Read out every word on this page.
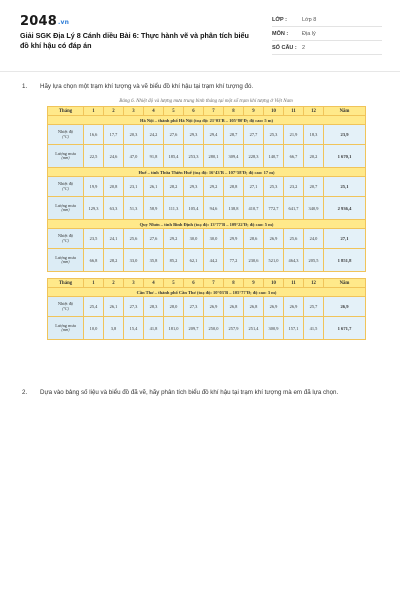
2048.vn
Giải SGK Địa Lý 8 Cánh diều Bài 6: Thực hành vẽ và phân tích biểu đồ khí hậu có đáp án
LỚP :	Lớp 8
MÔN :	Địa lý
SỐ CÂU : 2
1. Hãy lựa chọn một trạm khí tượng và vẽ biểu đồ khí hậu tại trạm khí tượng đó.
Bảng 6. Nhiệt độ và lượng mưa trung bình tháng tại một số trạm khí tượng ở Việt Nam
Tháng	1	2	3	4	5	6	7	8	9	10	11	12	Năm
Hà Nội – thành phố Hà Nội (toạ độ: 21°03'B – 105°80'Đ; độ cao: 5 m)													

Nhiệt độ
(°C)	16,6	17,7	20,3	24,2	27,6	29,3	29,4	28,7	27,7	25,3	21,9	18,3	23,9

Lượng mưa
(mm)	22,5	24,6	47,0	91,8	185,4	253,3	280,1	309,4	228,3	140,7	66,7	20,2	1 670,1
Huế – tỉnh Thừa Thiên Huế (toạ độ: 16°43'B – 107°58'Đ; độ cao: 17 m)													

Nhiệt độ
(°C)	19,9	20,8	23,1	26,1	28,2	29,3	29,2	28,8	27,1	25,3	23,2	20,7	25,1

Lượng mưa
(mm)	129,3	63,3	51,3	58,9	111,3	105,4	94,6	138,8	410,7	772,7	641,7	340,9	2 936,4
Quy Nhơn – tỉnh Bình Định (toạ độ: 13°77'B – 109°22'Đ; độ cao: 5 m)													

Nhiệt độ
(°C)	23,5	24,1	25,6	27,6	29,2	30,0	30,0	29,9	28,6	26,9	25,6	24,0	27,1

Lượng mưa
(mm)	66,8	28,2	33,0	35,8	85,2	62,1	44,2	77,2	230,6	521,0	464,3	205,5	1 851,8

Tháng	1	2	3	4	5	6	7	8	9	10	11	12	Năm
Cần Thơ – thành phố Cần Thơ (toạ độ: 10°03'B – 105°77'Đ; độ cao: 3 m)													

Nhiệt độ
(°C)	25,4	26,1	27,3	28,3	28,0	27,3	26,9	26,8	26,8	26,9	26,9	25,7	26,9

Lượng mưa
(mm)	10,0	3,8	15,4	41,8	181,0	209,7	250,0	257,9	251,4	300,9	157,1	41,5	1 671,7
2. Dựa vào bảng số liệu và biểu đồ đã vẽ, hãy phân tích biểu đồ khí hậu tại trạm khí tượng mà em đã lựa chọn.
